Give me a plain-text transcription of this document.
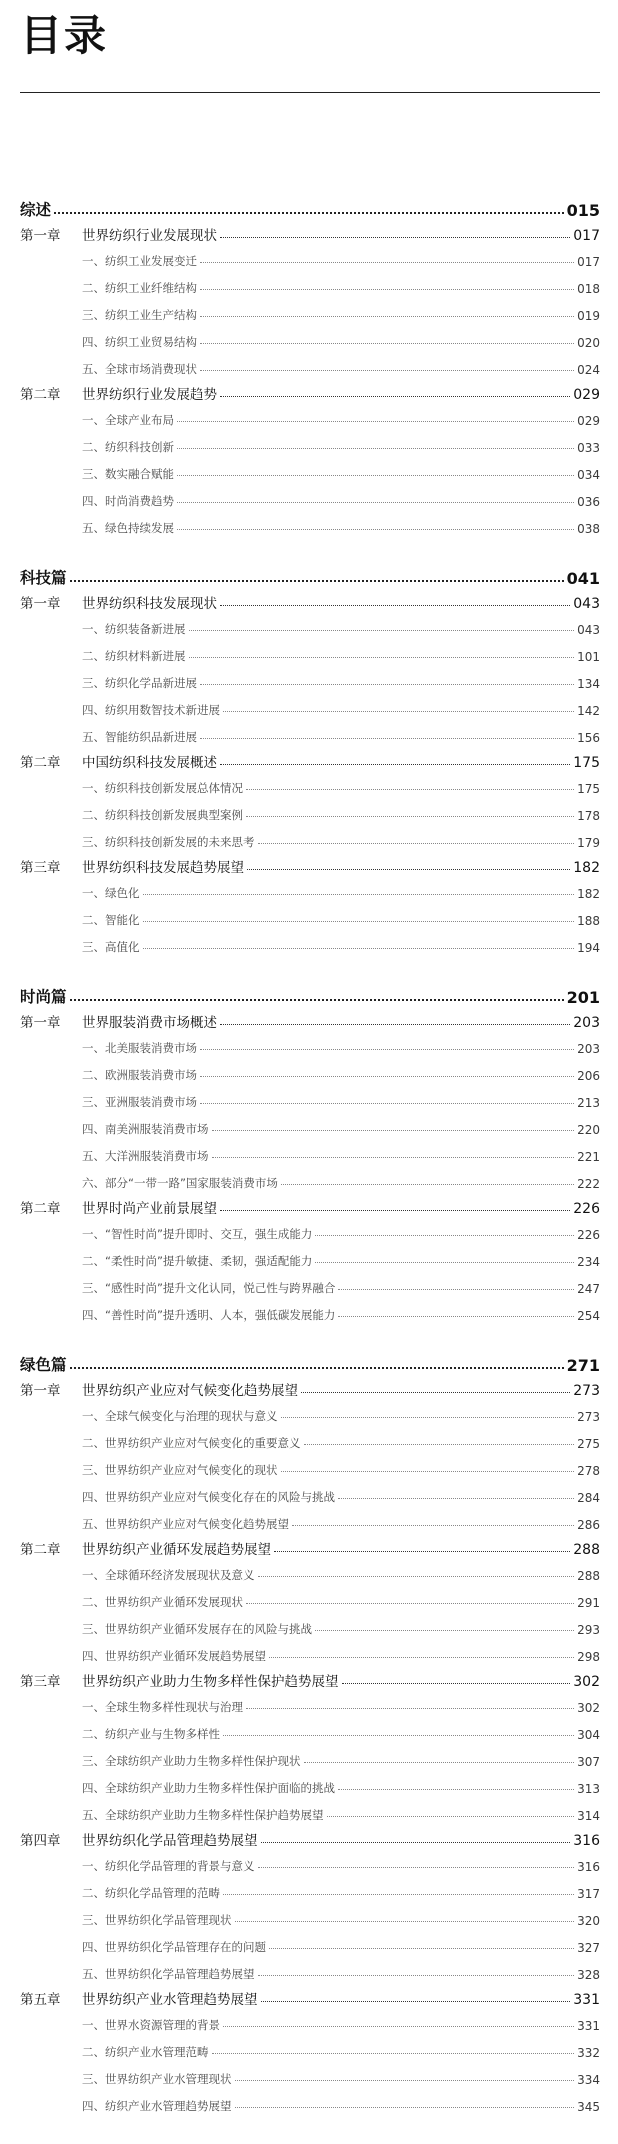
目录
综述	015
第一章 世界纺织行业发展现状	017
一、纺织工业发展变迁	017
二、纺织工业纤维结构	018
三、纺织工业生产结构	019
四、纺织工业贸易结构	020
五、全球市场消费现状	024
第二章 世界纺织行业发展趋势	029
一、全球产业布局	029
二、纺织科技创新	033
三、数实融合赋能	034
四、时尚消费趋势	036
五、绿色持续发展	038
科技篇	041
第一章 世界纺织科技发展现状	043
一、纺织装备新进展	043
二、纺织材料新进展	101
三、纺织化学品新进展	134
四、纺织用数智技术新进展	142
五、智能纺织品新进展	156
第二章 中国纺织科技发展概述	175
一、纺织科技创新发展总体情况	175
二、纺织科技创新发展典型案例	178
三、纺织科技创新发展的未来思考	179
第三章 世界纺织科技发展趋势展望	182
一、绿色化	182
二、智能化	188
三、高值化	194
时尚篇	201
第一章 世界服装消费市场概述	203
一、北美服装消费市场	203
二、欧洲服装消费市场	206
三、亚洲服装消费市场	213
四、南美洲服装消费市场	220
五、大洋洲服装消费市场	221
六、部分“一带一路”国家服装消费市场	222
第二章 世界时尚产业前景展望	226
一、“智性时尚”提升即时、交互，强生成能力	226
二、“柔性时尚”提升敏捷、柔韧，强适配能力	234
三、“感性时尚”提升文化认同，悦己性与跨界融合	247
四、“善性时尚”提升透明、人本，强低碳发展能力	254
绿色篇	271
第一章 世界纺织产业应对气候变化趋势展望	273
一、全球气候变化与治理的现状与意义	273
二、世界纺织产业应对气候变化的重要意义	275
三、世界纺织产业应对气候变化的现状	278
四、世界纺织产业应对气候变化存在的风险与挑战	284
五、世界纺织产业应对气候变化趋势展望	286
第二章 世界纺织产业循环发展趋势展望	288
一、全球循环经济发展现状及意义	288
二、世界纺织产业循环发展现状	291
三、世界纺织产业循环发展存在的风险与挑战	293
四、世界纺织产业循环发展趋势展望	298
第三章 世界纺织产业助力生物多样性保护趋势展望	302
一、全球生物多样性现状与治理	302
二、纺织产业与生物多样性	304
三、全球纺织产业助力生物多样性保护现状	307
四、全球纺织产业助力生物多样性保护面临的挑战	313
五、全球纺织产业助力生物多样性保护趋势展望	314
第四章 世界纺织化学品管理趋势展望	316
一、纺织化学品管理的背景与意义	316
二、纺织化学品管理的范畴	317
三、世界纺织化学品管理现状	320
四、世界纺织化学品管理存在的问题	327
五、世界纺织化学品管理趋势展望	328
第五章 世界纺织产业水管理趋势展望	331
一、世界水资源管理的背景	331
二、纺织产业水管理范畴	332
三、世界纺织产业水管理现状	334
四、纺织产业水管理趋势展望	345
